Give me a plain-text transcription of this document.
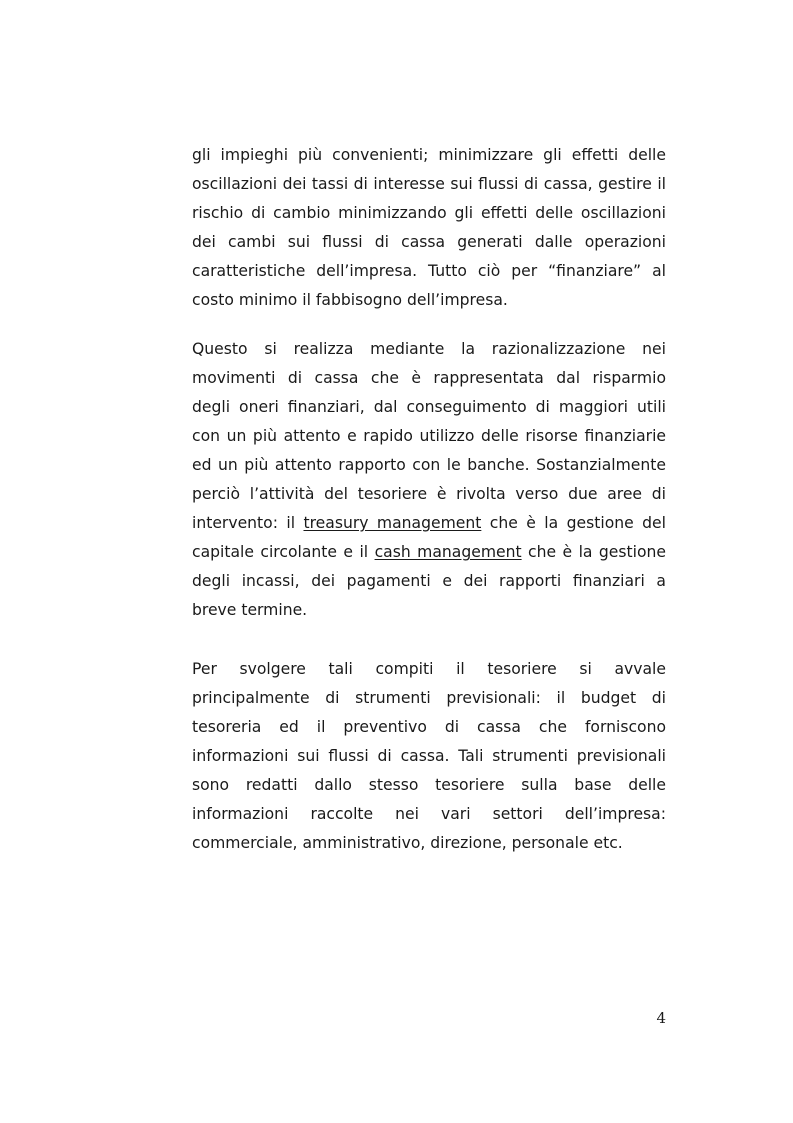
gli impieghi più convenienti; minimizzare gli effetti delle
oscillazioni dei tassi di interesse sui flussi di cassa, gestire il
rischio di cambio minimizzando gli effetti delle oscillazioni
dei cambi sui flussi di cassa generati dalle operazioni
caratteristiche dell’impresa. Tutto ciò per “finanziare” al
costo minimo il fabbisogno dell’impresa.
Questo si realizza mediante la razionalizzazione nei
movimenti di cassa che è rappresentata dal risparmio
degli oneri finanziari, dal conseguimento di maggiori utili
con un più attento e rapido utilizzo delle risorse finanziarie
ed un più attento rapporto con le banche. Sostanzialmente
perciò l’attività del tesoriere è rivolta verso due aree di
intervento: il treasury management che è la gestione del
capitale circolante e il cash management che è la gestione
degli incassi, dei pagamenti e dei rapporti finanziari a
breve termine.
Per svolgere tali compiti il tesoriere si avvale
principalmente di strumenti previsionali: il budget di
tesoreria ed il preventivo di cassa che forniscono
informazioni sui flussi di cassa. Tali strumenti previsionali
sono redatti dallo stesso tesoriere sulla base delle
informazioni raccolte nei vari settori dell’impresa:
commerciale, amministrativo, direzione, personale etc.
4
